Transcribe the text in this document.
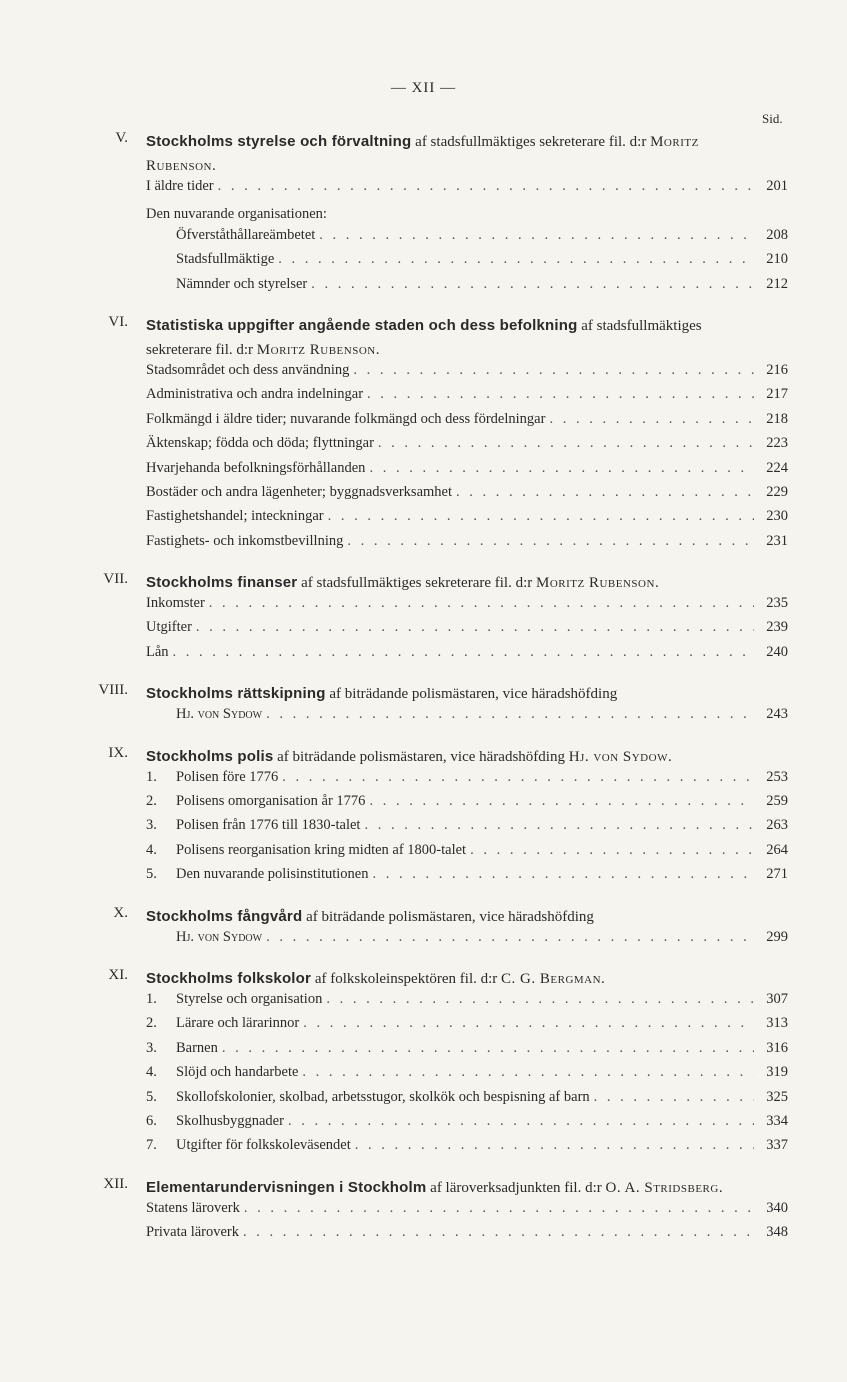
— XII —
Sid.
V. Stockholms styrelse och förvaltning af stadsfullmäktiges sekreterare fil. d:r Moritz Rubenson.
I äldre tider . . .	201
Den nuvarande organisationen:
Öfverståthållareämbetet . . .	208
Stadsfullmäktige . . .	210
Nämnder och styrelser . . .	212
VI. Statistiska uppgifter angående staden och dess befolkning af stadsfullmäktiges sekreterare fil. d:r Moritz Rubenson.
Stadsområdet och dess användning . . .	216
Administrativa och andra indelningar . . .	217
Folkmängd i äldre tider; nuvarande folkmängd och dess fördelningar . . .	218
Äktenskap; födda och döda; flyttningar . . .	223
Hvarjehanda befolkningsförhållanden . . .	224
Bostäder och andra lägenheter; byggnadsverksamhet . . .	229
Fastighetshandel; inteckningar . . .	230
Fastighets- och inkomstbevillning . . .	231
VII. Stockholms finanser af stadsfullmäktiges sekreterare fil. d:r Moritz Rubenson.
Inkomster . . .	235
Utgifter . . .	239
Lån . . .	240
VIII. Stockholms rättskipning af biträdande polismästaren, vice häradshöfding
Hj. von Sydow . . .	243
IX. Stockholms polis af biträdande polismästaren, vice häradshöfding Hj. von Sydow.
1.	Polisen före 1776 . . .	253
2.	Polisens omorganisation år 1776 . . .	259
3.	Polisen från 1776 till 1830-talet . . .	263
4.	Polisens reorganisation kring midten af 1800-talet . . .	264
5.	Den nuvarande polisinstitutionen . . .	271
X. Stockholms fångvård af biträdande polismästaren, vice häradshöfding
Hj. von Sydow . . .	299
XI. Stockholms folkskolor af folkskoleinspektören fil. d:r C. G. Bergman.
1.	Styrelse och organisation . . .	307
2.	Lärare och lärarinnor . . .	313
3.	Barnen . . .	316
4.	Slöjd och handarbete . . .	319
5.	Skollofskolonier, skolbad, arbetsstugor, skolkök och bespisning af barn . . .	325
6.	Skolhusbyggnader . . .	334
7.	Utgifter för folkskoleväsendet . . .	337
XII. Elementarundervisningen i Stockholm af läroverksadjunkten fil. d:r O. A. Stridsberg.
Statens läroverk . . .	340
Privata läroverk . . .	348
